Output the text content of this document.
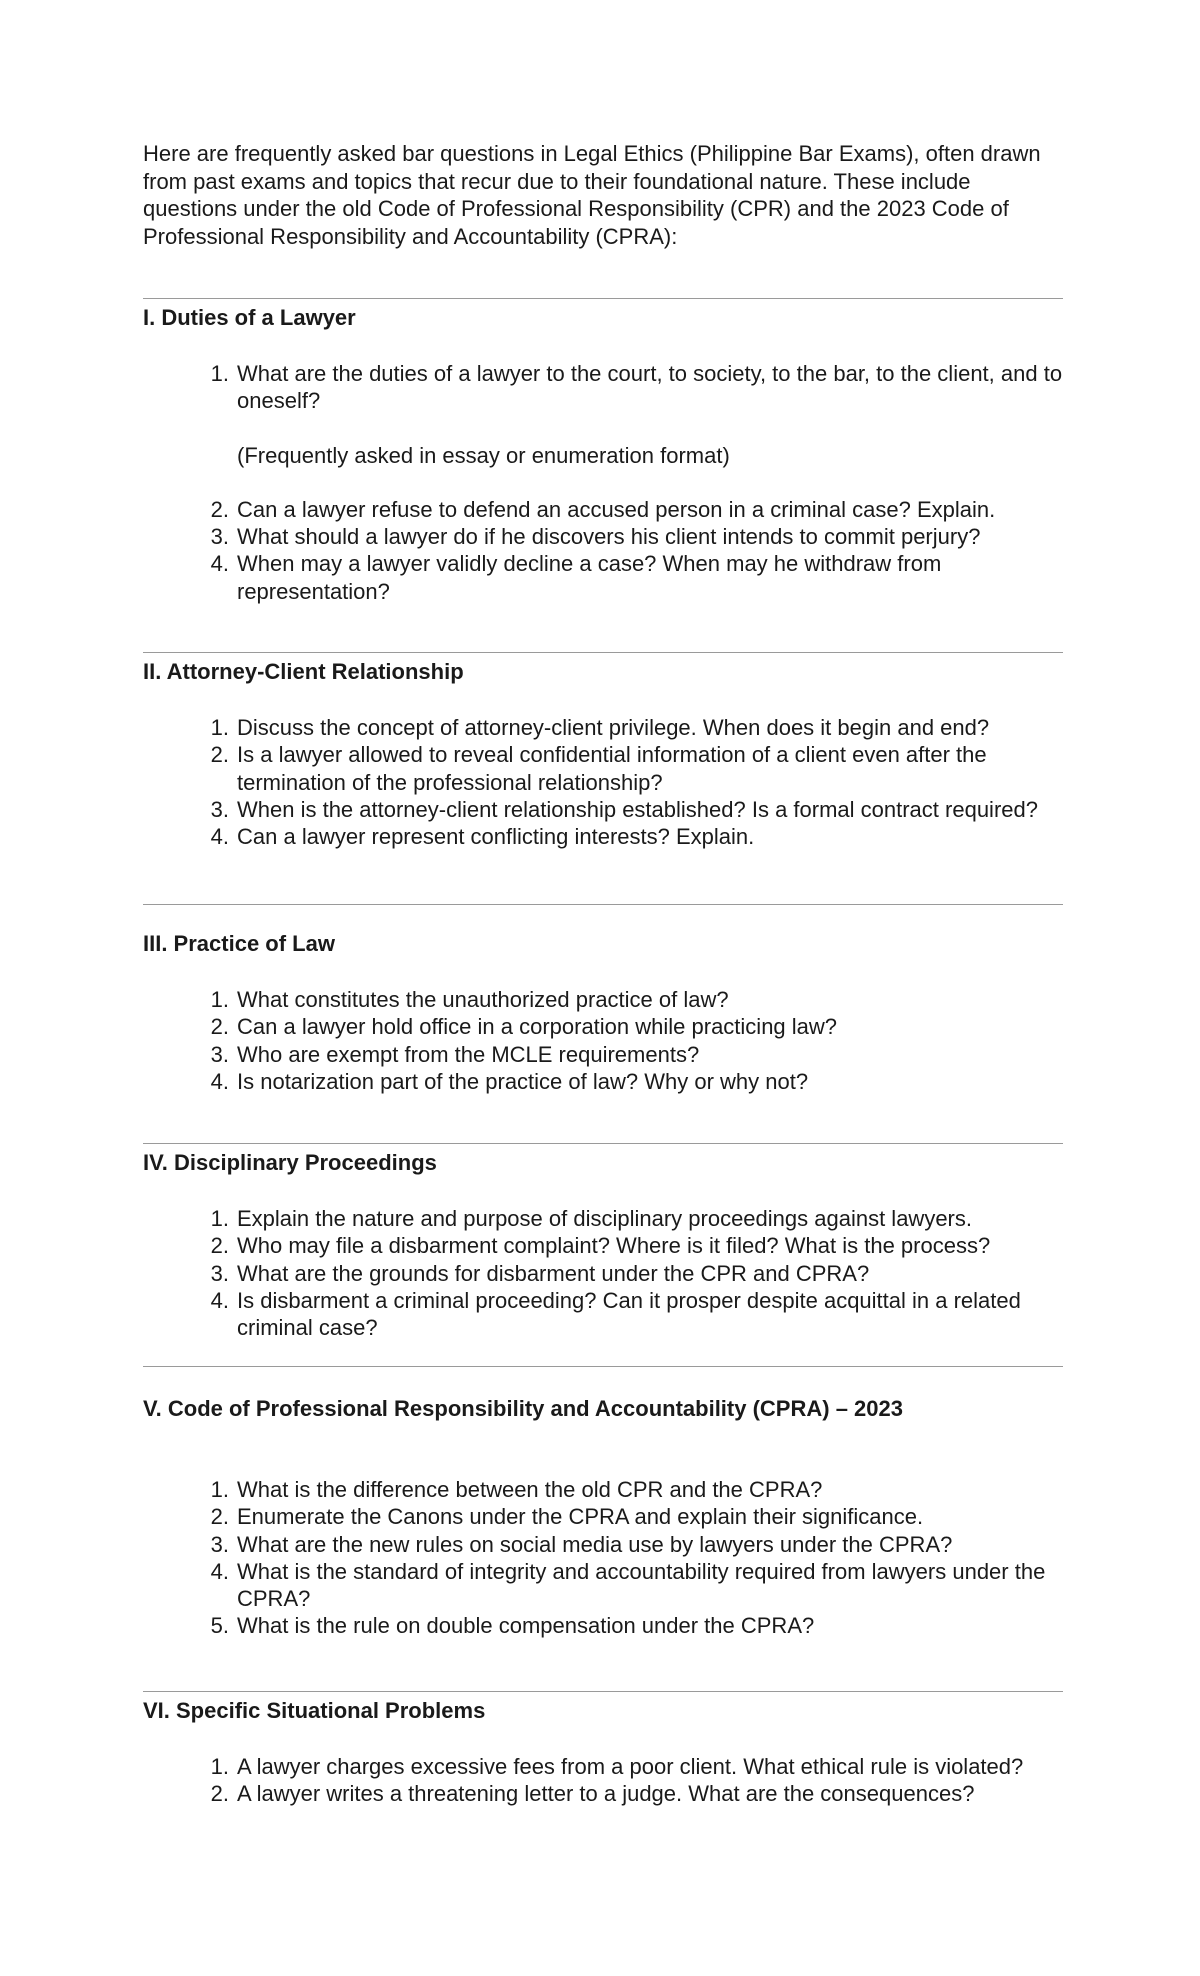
Here are frequently asked bar questions in Legal Ethics (Philippine Bar Exams), often drawn from past exams and topics that recur due to their foundational nature. These include questions under the old Code of Professional Responsibility (CPR) and the 2023 Code of Professional Responsibility and Accountability (CPRA):

I. Duties of a Lawyer
1. What are the duties of a lawyer to the court, to society, to the bar, to the client, and to oneself?
(Frequently asked in essay or enumeration format)
2. Can a lawyer refuse to defend an accused person in a criminal case? Explain.
3. What should a lawyer do if he discovers his client intends to commit perjury?
4. When may a lawyer validly decline a case? When may he withdraw from representation?
II. Attorney-Client Relationship
1. Discuss the concept of attorney-client privilege. When does it begin and end?
2. Is a lawyer allowed to reveal confidential information of a client even after the termination of the professional relationship?
3. When is the attorney-client relationship established? Is a formal contract required?
4. Can a lawyer represent conflicting interests? Explain.
III. Practice of Law
1. What constitutes the unauthorized practice of law?
2. Can a lawyer hold office in a corporation while practicing law?
3. Who are exempt from the MCLE requirements?
4. Is notarization part of the practice of law? Why or why not?
IV. Disciplinary Proceedings
1. Explain the nature and purpose of disciplinary proceedings against lawyers.
2. Who may file a disbarment complaint? Where is it filed? What is the process?
3. What are the grounds for disbarment under the CPR and CPRA?
4. Is disbarment a criminal proceeding? Can it prosper despite acquittal in a related criminal case?
V. Code of Professional Responsibility and Accountability (CPRA) – 2023
1. What is the difference between the old CPR and the CPRA?
2. Enumerate the Canons under the CPRA and explain their significance.
3. What are the new rules on social media use by lawyers under the CPRA?
4. What is the standard of integrity and accountability required from lawyers under the CPRA?
5. What is the rule on double compensation under the CPRA?
VI. Specific Situational Problems
1. A lawyer charges excessive fees from a poor client. What ethical rule is violated?
2. A lawyer writes a threatening letter to a judge. What are the consequences?
